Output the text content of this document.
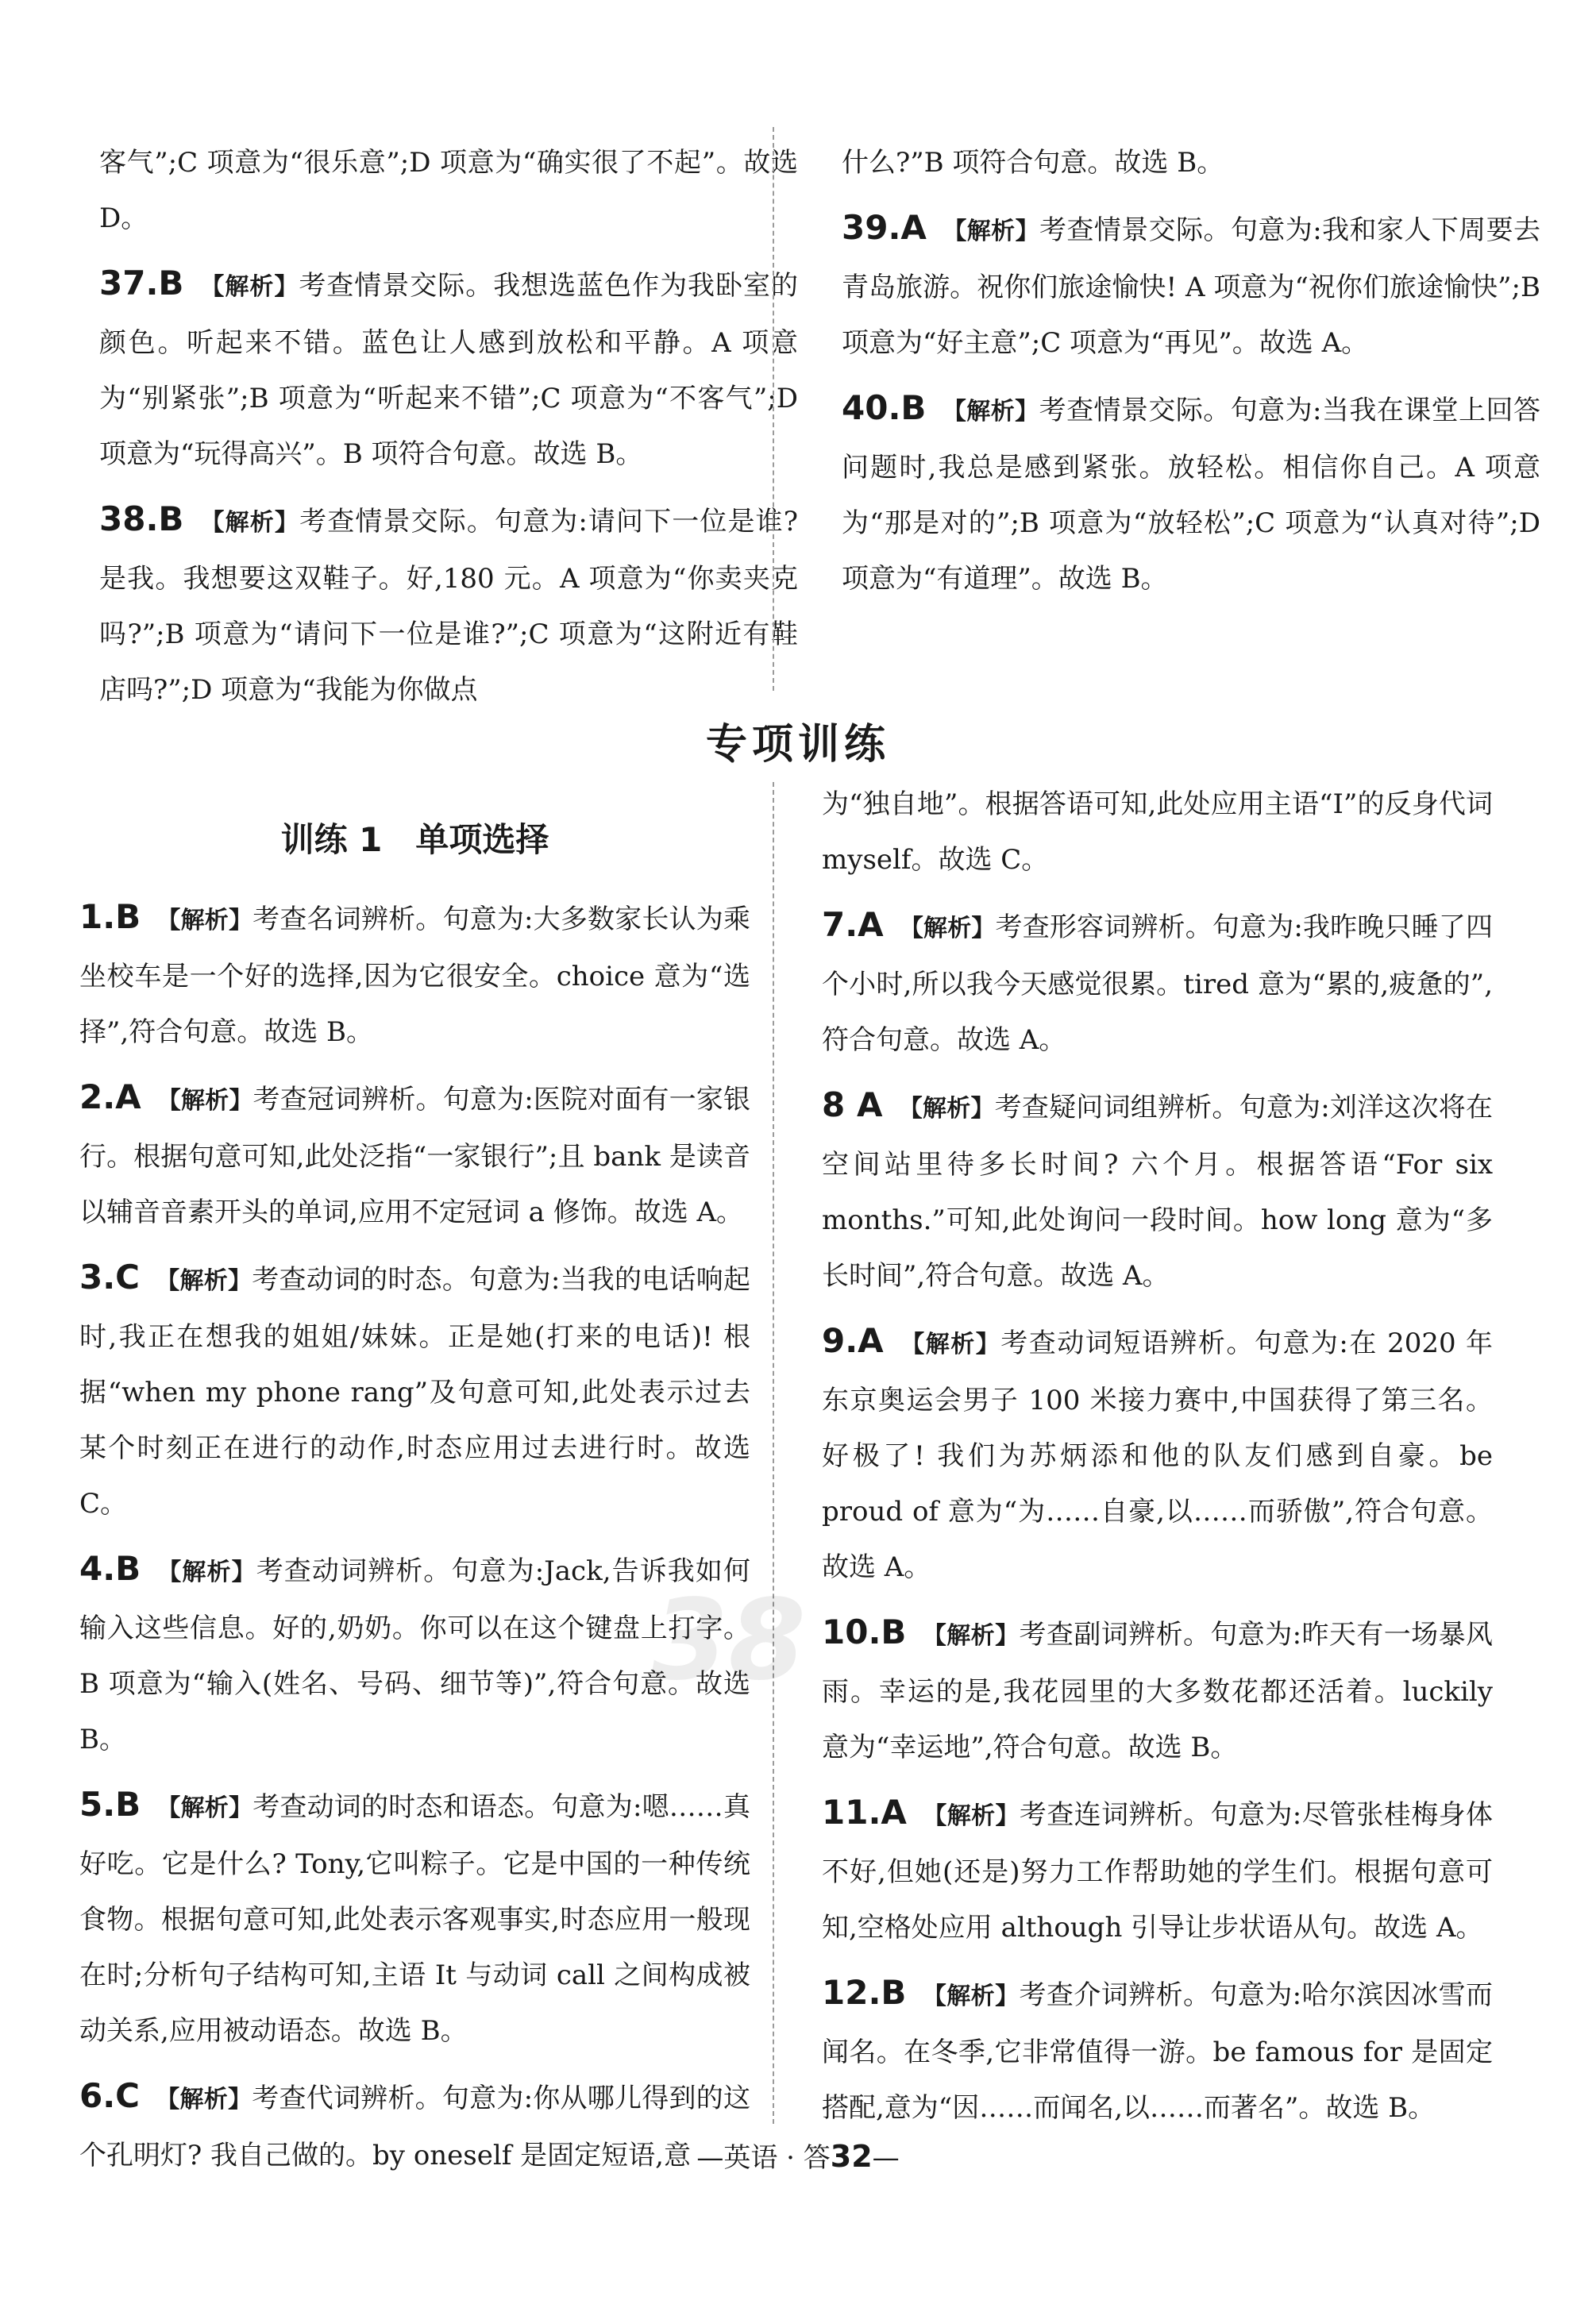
客气”;C 项意为“很乐意”;D 项意为“确实很了不起”。故选 D。

37.B 【解析】考查情景交际。我想选蓝色作为我卧室的颜色。听起来不错。蓝色让人感到放松和平静。A 项意为“别紧张”;B 项意为“听起来不错”;C 项意为“不客气”;D 项意为“玩得高兴”。B 项符合句意。故选 B。

38.B 【解析】考查情景交际。句意为:请问下一位是谁? 是我。我想要这双鞋子。好,180 元。A 项意为“你卖夹克吗?”;B 项意为“请问下一位是谁?”;C 项意为“这附近有鞋店吗?”;D 项意为“我能为你做点

什么?”B 项符合句意。故选 B。

39.A 【解析】考查情景交际。句意为:我和家人下周要去青岛旅游。祝你们旅途愉快! A 项意为“祝你们旅途愉快”;B 项意为“好主意”;C 项意为“再见”。故选 A。

40.B 【解析】考查情景交际。句意为:当我在课堂上回答问题时,我总是感到紧张。放轻松。相信你自己。A 项意为“那是对的”;B 项意为“放轻松”;C 项意为“认真对待”;D 项意为“有道理”。故选 B。

专项训练
训练 1　单项选择

1.B 【解析】考查名词辨析。句意为:大多数家长认为乘坐校车是一个好的选择,因为它很安全。choice 意为“选择”,符合句意。故选 B。

2.A 【解析】考查冠词辨析。句意为:医院对面有一家银行。根据句意可知,此处泛指“一家银行”;且 bank 是读音以辅音音素开头的单词,应用不定冠词 a 修饰。故选 A。

3.C 【解析】考查动词的时态。句意为:当我的电话响起时,我正在想我的姐姐/妹妹。正是她(打来的电话)! 根据“when my phone rang”及句意可知,此处表示过去某个时刻正在进行的动作,时态应用过去进行时。故选 C。

4.B 【解析】考查动词辨析。句意为:Jack,告诉我如何输入这些信息。好的,奶奶。你可以在这个键盘上打字。B 项意为“输入(姓名、号码、细节等)”,符合句意。故选 B。

5.B 【解析】考查动词的时态和语态。句意为:嗯……真好吃。它是什么? Tony,它叫粽子。它是中国的一种传统食物。根据句意可知,此处表示客观事实,时态应用一般现在时;分析句子结构可知,主语 It 与动词 call 之间构成被动关系,应用被动语态。故选 B。

6.C 【解析】考查代词辨析。句意为:你从哪儿得到的这个孔明灯? 我自己做的。by oneself 是固定短语,意

为“独自地”。根据答语可知,此处应用主语“I”的反身代词 myself。故选 C。

7.A 【解析】考查形容词辨析。句意为:我昨晚只睡了四个小时,所以我今天感觉很累。tired 意为“累的,疲惫的”,符合句意。故选 A。

8 A 【解析】考查疑问词组辨析。句意为:刘洋这次将在空间站里待多长时间? 六个月。根据答语“For six months.”可知,此处询问一段时间。how long 意为“多长时间”,符合句意。故选 A。

9.A 【解析】考查动词短语辨析。句意为:在 2020 年东京奥运会男子 100 米接力赛中,中国获得了第三名。好极了! 我们为苏炳添和他的队友们感到自豪。be proud of 意为“为……自豪,以……而骄傲”,符合句意。故选 A。

10.B 【解析】考查副词辨析。句意为:昨天有一场暴风雨。幸运的是,我花园里的大多数花都还活着。luckily 意为“幸运地”,符合句意。故选 B。

11.A 【解析】考查连词辨析。句意为:尽管张桂梅身体不好,但她(还是)努力工作帮助她的学生们。根据句意可知,空格处应用 although 引导让步状语从句。故选 A。

12.B 【解析】考查介词辨析。句意为:哈尔滨因冰雪而闻名。在冬季,它非常值得一游。be famous for 是固定搭配,意为“因……而闻名,以……而著名”。故选 B。

38
—英语 · 答32—
